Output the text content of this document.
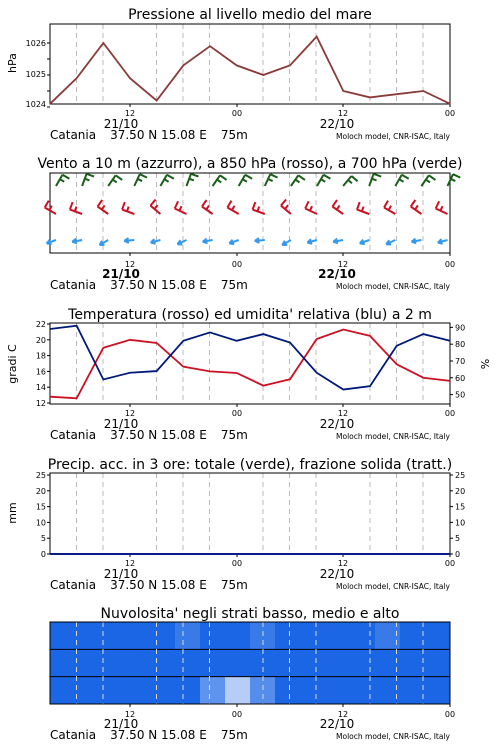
Pressione al livello medio del mare
hPa
1024
1025
1026
12	00	12	00
21/10	22/10
Catania 37.50 N 15.08 E 75m	Moloch model, CNR-ISAC, Italy
Vento a 10 m (azzurro), a 850 hPa (rosso), a 700 hPa (verde)
12	00	12	00
21/10	22/10
Catania 37.50 N 15.08 E 75m	Moloch model, CNR-ISAC, Italy
Temperatura (rosso) ed umidita' relativa (blu) a 2 m
gradi C	%
12	00	12	00
21/10	22/10
Catania 37.50 N 15.08 E 75m	Moloch model, CNR-ISAC, Italy
12
14
16
18
20
22
50
60
70
80
90
Precip. acc. in 3 ore: totale (verde), frazione solida (tratt.)
mm
12	00	12	00
21/10	22/10
Catania 37.50 N 15.08 E 75m	Moloch model, CNR-ISAC, Italy
0	0
5	5
10	10
15	15
20	20
25	25
Nuvolosita' negli strati basso, medio e alto
12	00	12	00
21/10	22/10
Catania 37.50 N 15.08 E 75m	Moloch model, CNR-ISAC, Italy
